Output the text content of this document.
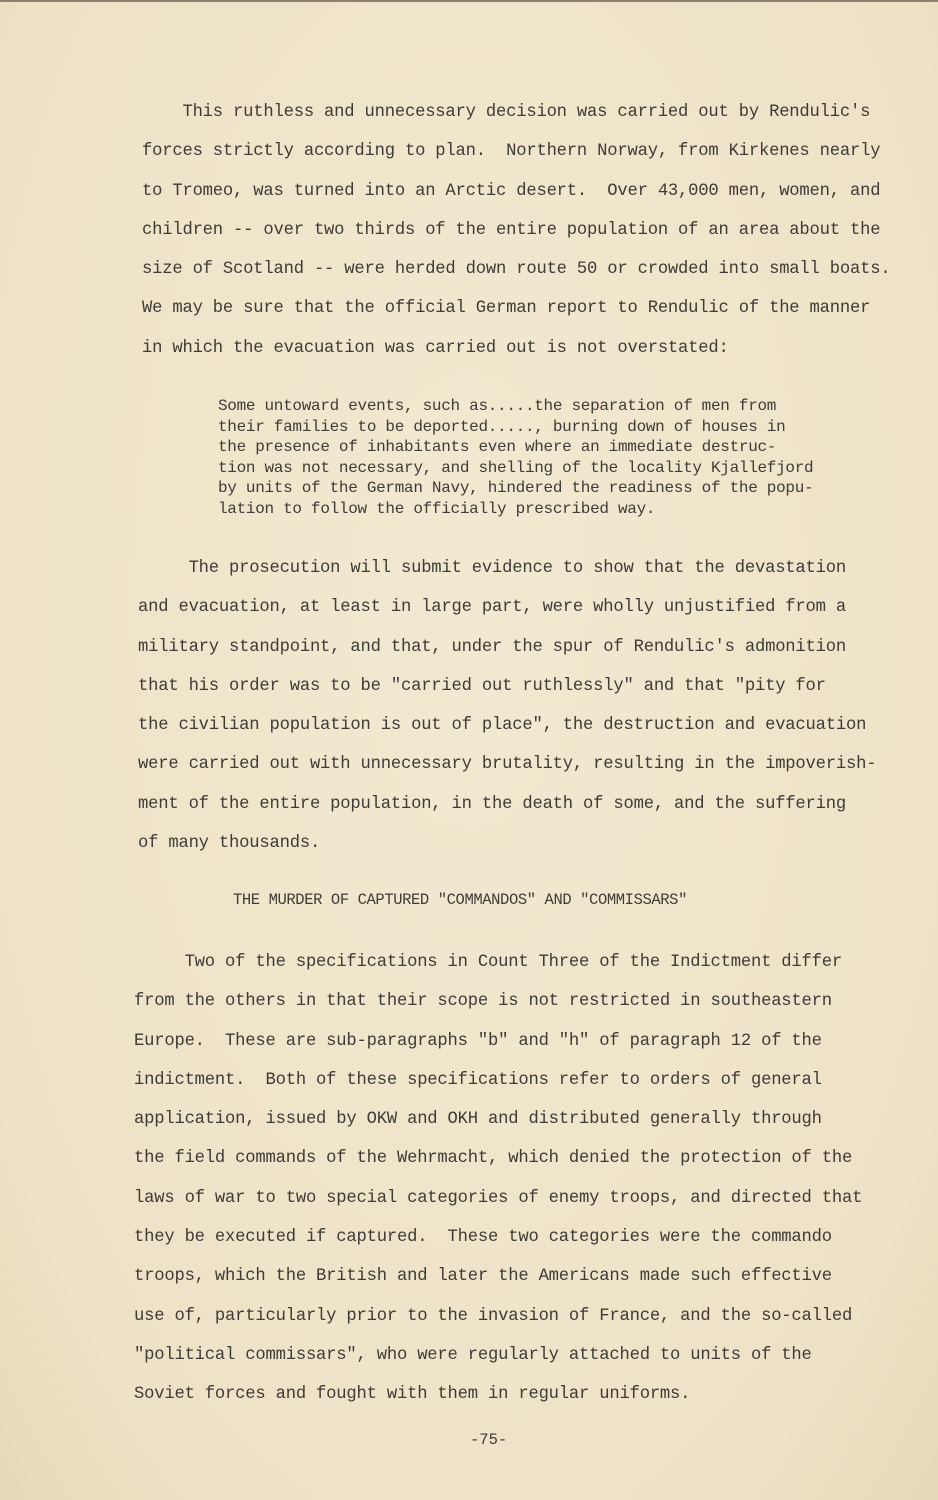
This ruthless and unnecessary decision was carried out by Rendulic's
forces strictly according to plan.  Northern Norway, from Kirkenes nearly
to Tromeo, was turned into an Arctic desert.  Over 43,000 men, women, and
children -- over two thirds of the entire population of an area about the
size of Scotland -- were herded down route 50 or crowded into small boats.
We may be sure that the official German report to Rendulic of the manner
in which the evacuation was carried out is not overstated:
Some untoward events, such as.....the separation of men from
their families to be deported....., burning down of houses in
the presence of inhabitants even where an immediate destruc-
tion was not necessary, and shelling of the locality Kjallefjord
by units of the German Navy, hindered the readiness of the popu-
lation to follow the officially prescribed way.
The prosecution will submit evidence to show that the devastation
and evacuation, at least in large part, were wholly unjustified from a
military standpoint, and that, under the spur of Rendulic's admonition
that his order was to be "carried out ruthlessly" and that "pity for
the civilian population is out of place", the destruction and evacuation
were carried out with unnecessary brutality, resulting in the impoverish-
ment of the entire population, in the death of some, and the suffering
of many thousands.
THE MURDER OF CAPTURED "COMMANDOS" AND "COMMISSARS"
Two of the specifications in Count Three of the Indictment differ
from the others in that their scope is not restricted in southeastern
Europe.  These are sub-paragraphs "b" and "h" of paragraph 12 of the
indictment.  Both of these specifications refer to orders of general
application, issued by OKW and OKH and distributed generally through
the field commands of the Wehrmacht, which denied the protection of the
laws of war to two special categories of enemy troops, and directed that
they be executed if captured.  These two categories were the commando
troops, which the British and later the Americans made such effective
use of, particularly prior to the invasion of France, and the so-called
"political commissars", who were regularly attached to units of the
Soviet forces and fought with them in regular uniforms.
-75-
